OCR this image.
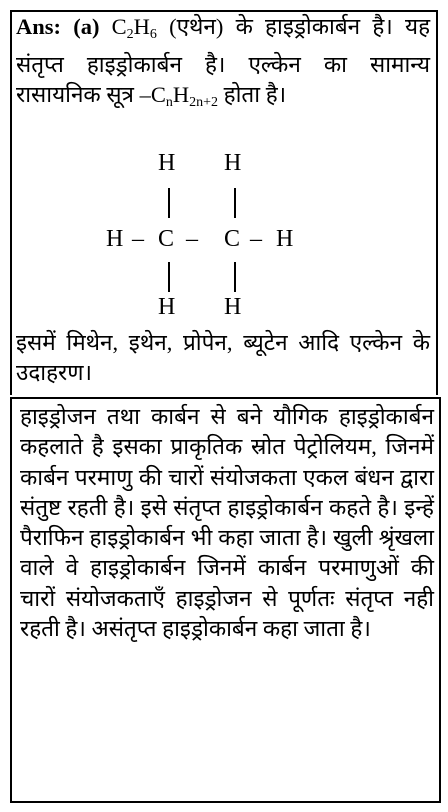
Ans: (a) $C_2H_6$ (एथेन) के हाइड्रोकार्बन है। यह संतृप्त हाइड्रोकार्बन है। एल्केन का सामान्य रासायनिक सूत्र $-C_nH_{2n+2}$ होता है।
H H
H – C – C – H
H H
इसमें मिथेन, इथेन, प्रोपेन, ब्यूटेन आदि एल्केन के उदाहरण।
हाइड्रोजन तथा कार्बन से बने यौगिक हाइड्रोकार्बन कहलाते है इसका प्राकृतिक स्रोत पेट्रोलियम, जिनमें कार्बन परमाणु की चारों संयोजकता एकल बंधन द्वारा संतुष्ट रहती है। इसे संतृप्त हाइड्रोकार्बन कहते है। इन्हें पैराफिन हाइड्रोकार्बन भी कहा जाता है। खुली श्रृंखला वाले वे हाइड्रोकार्बन जिनमें कार्बन परमाणुओं की चारों संयोजकताएँ हाइड्रोजन से पूर्णतः संतृप्त नही रहती है। असंतृप्त हाइड्रोकार्बन कहा जाता है।
